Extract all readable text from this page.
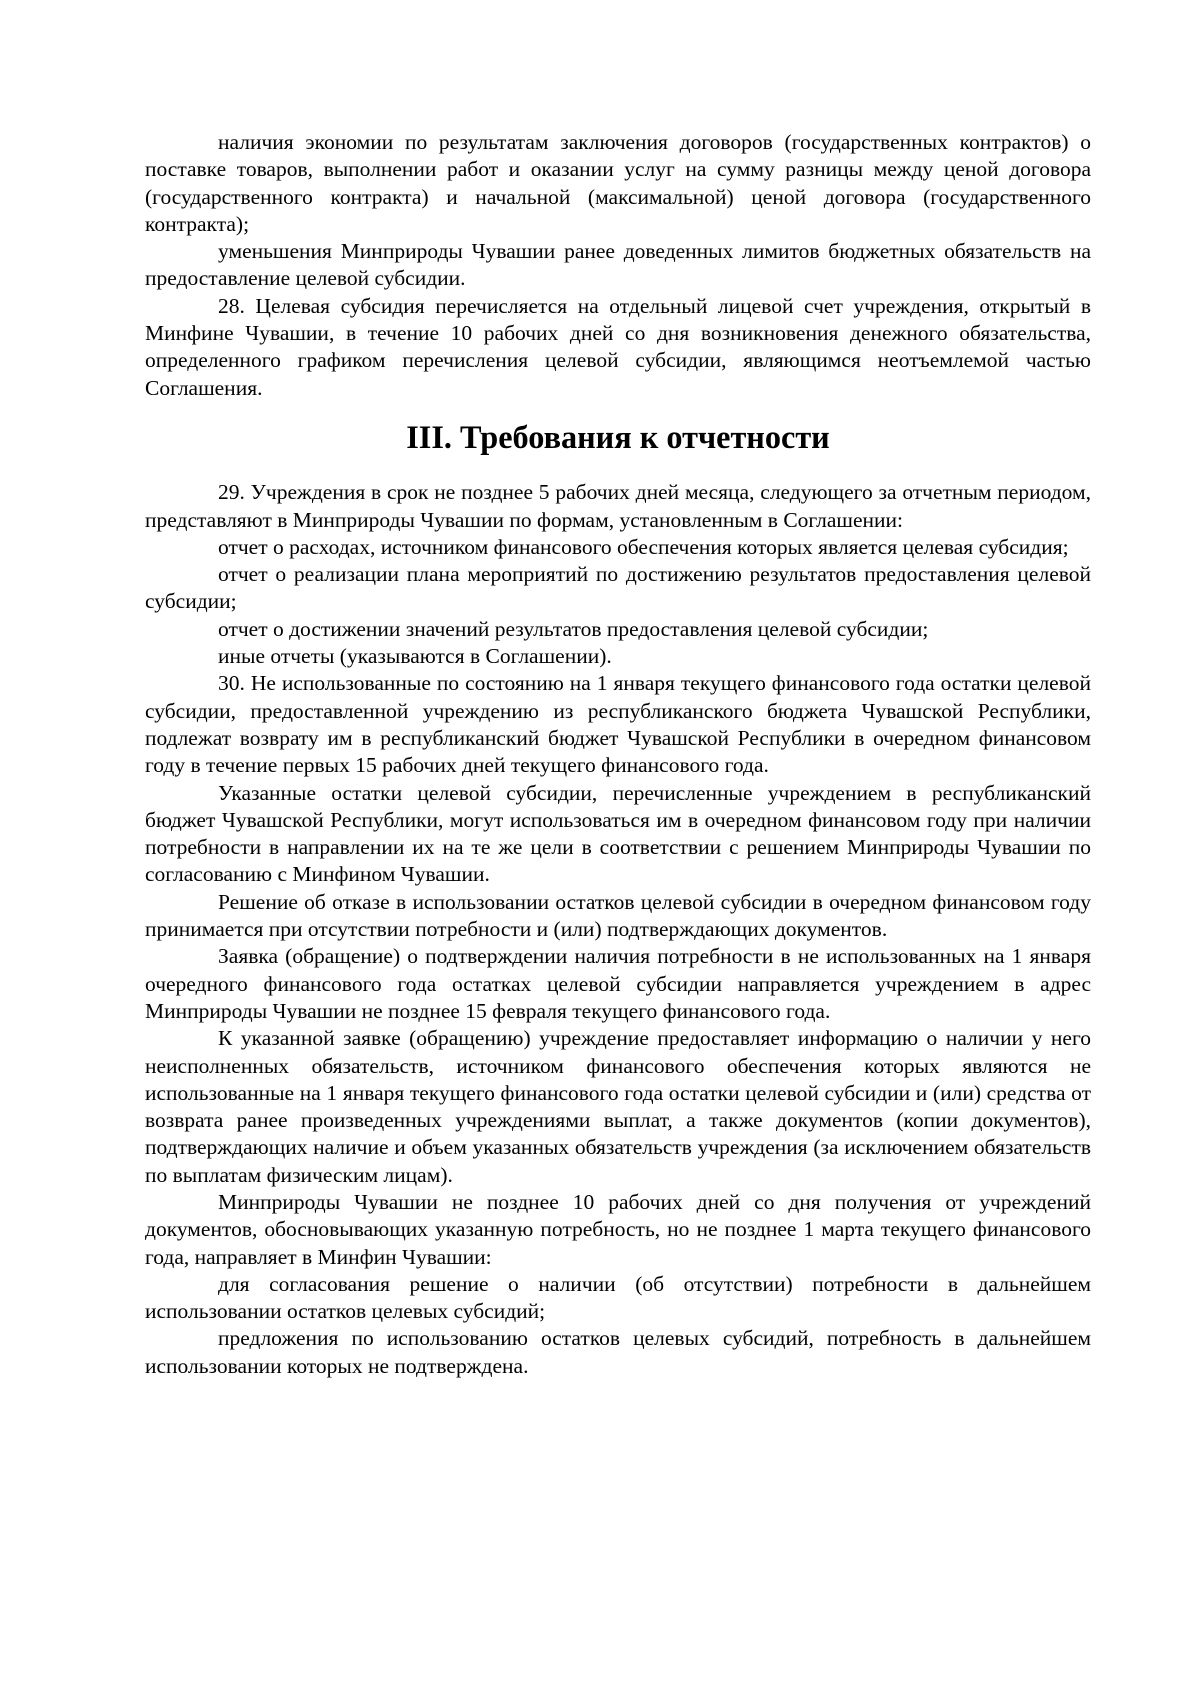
наличия экономии по результатам заключения договоров (государственных контрактов) о поставке товаров, выполнении работ и оказании услуг на сумму разницы между ценой договора (государственного контракта) и начальной (максимальной) ценой договора (государственного контракта);

уменьшения Минприроды Чувашии ранее доведенных лимитов бюджетных обязательств на предоставление целевой субсидии.

28. Целевая субсидия перечисляется на отдельный лицевой счет учреждения, открытый в Минфине Чувашии, в течение 10 рабочих дней со дня возникновения денежного обязательства, определенного графиком перечисления целевой субсидии, являющимся неотъемлемой частью Соглашения.

III. Требования к отчетности

29. Учреждения в срок не позднее 5 рабочих дней месяца, следующего за отчетным периодом, представляют в Минприроды Чувашии по формам, установленным в Соглашении:

отчет о расходах, источником финансового обеспечения которых является целевая субсидия;

отчет о реализации плана мероприятий по достижению результатов предоставления целевой субсидии;

отчет о достижении значений результатов предоставления целевой субсидии;

иные отчеты (указываются в Соглашении).

30. Не использованные по состоянию на 1 января текущего финансового года остатки целевой субсидии, предоставленной учреждению из республиканского бюджета Чувашской Республики, подлежат возврату им в республиканский бюджет Чувашской Республики в очередном финансовом году в течение первых 15 рабочих дней текущего финансового года.

Указанные остатки целевой субсидии, перечисленные учреждением в республиканский бюджет Чувашской Республики, могут использоваться им в очередном финансовом году при наличии потребности в направлении их на те же цели в соответствии с решением Минприроды Чувашии по согласованию с Минфином Чувашии.

Решение об отказе в использовании остатков целевой субсидии в очередном финансовом году принимается при отсутствии потребности и (или) подтверждающих документов.

Заявка (обращение) о подтверждении наличия потребности в не использованных на 1 января очередного финансового года остатках целевой субсидии направляется учреждением в адрес Минприроды Чувашии не позднее 15 февраля текущего финансового года.

К указанной заявке (обращению) учреждение предоставляет информацию о наличии у него неисполненных обязательств, источником финансового обеспечения которых являются не использованные на 1 января текущего финансового года остатки целевой субсидии и (или) средства от возврата ранее произведенных учреждениями выплат, а также документов (копии документов), подтверждающих наличие и объем указанных обязательств учреждения (за исключением обязательств по выплатам физическим лицам).

Минприроды Чувашии не позднее 10 рабочих дней со дня получения от учреждений документов, обосновывающих указанную потребность, но не позднее 1 марта текущего финансового года, направляет в Минфин Чувашии:

для согласования решение о наличии (об отсутствии) потребности в дальнейшем использовании остатков целевых субсидий;

предложения по использованию остатков целевых субсидий, потребность в дальнейшем использовании которых не подтверждена.
